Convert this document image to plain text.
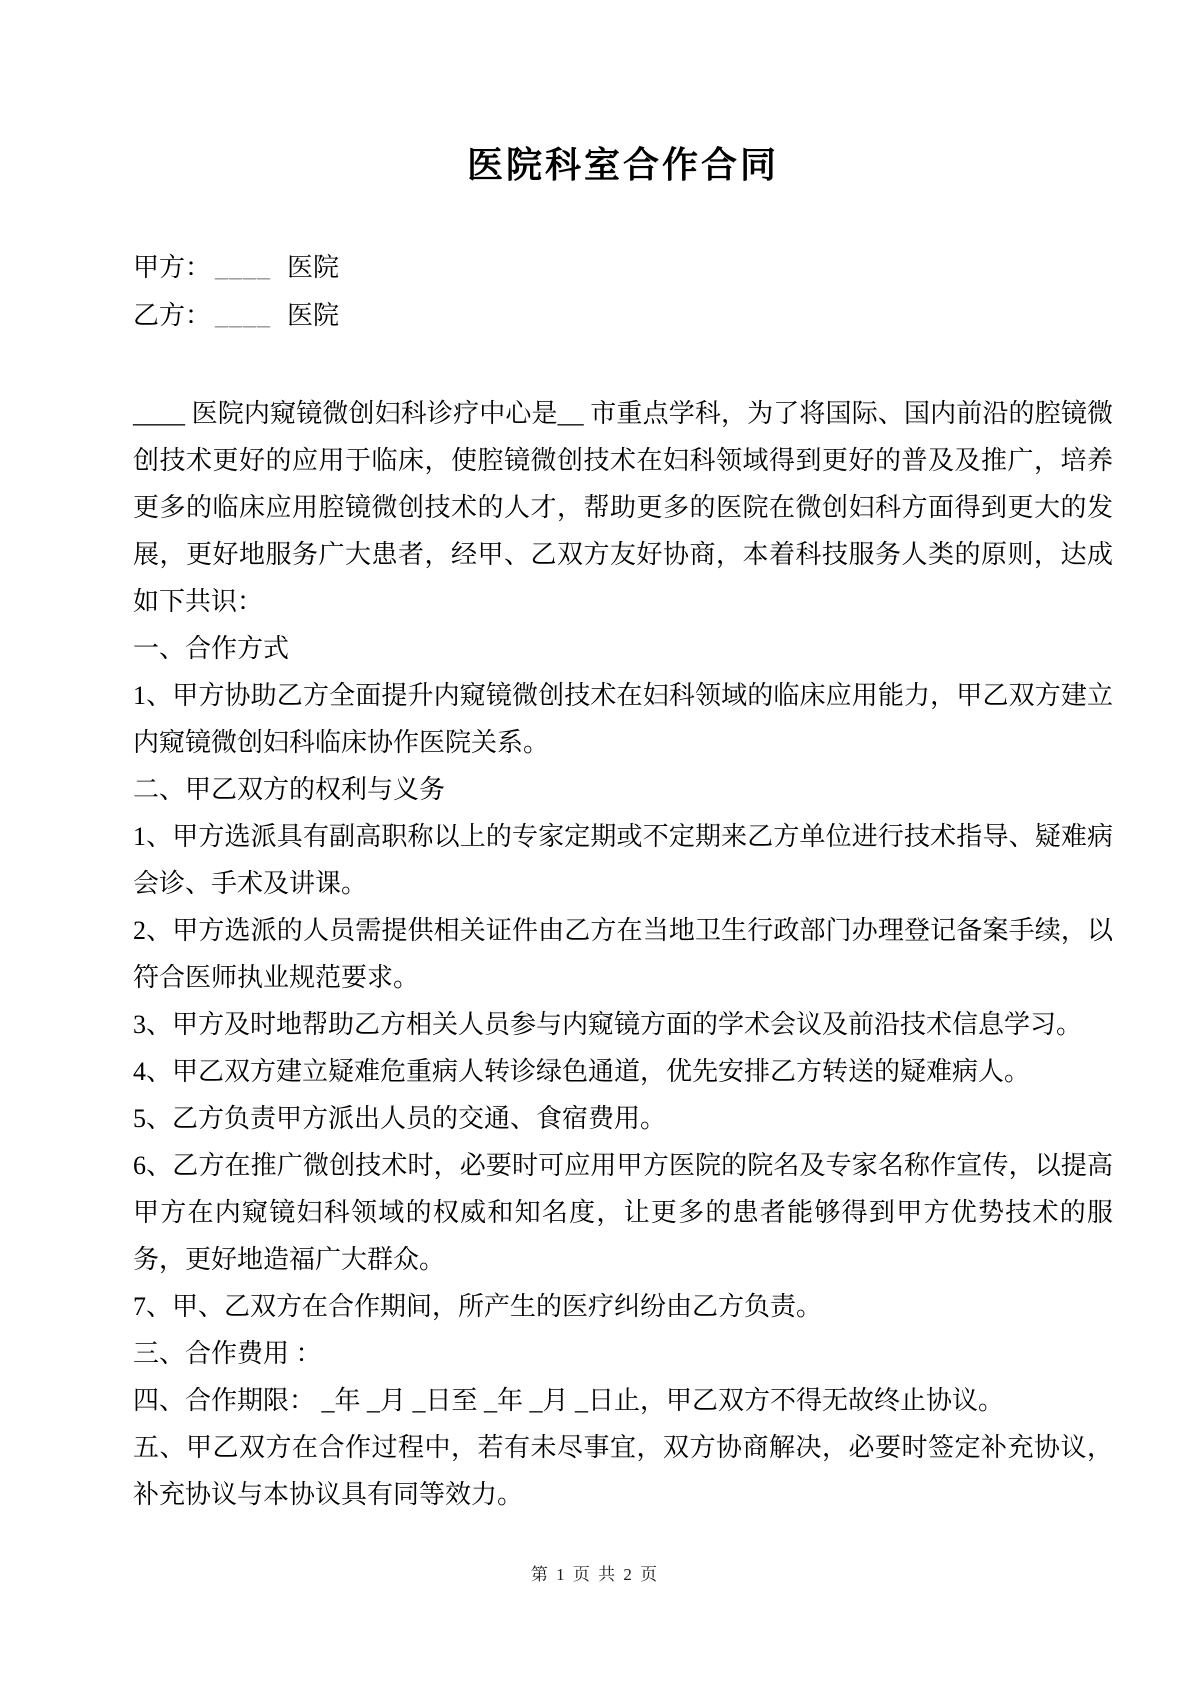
医院科室合作合同
甲方： ____ 医院
乙方： ____ 医院

____ 医院内窥镜微创妇科诊疗中心是__ 市重点学科，为了将国际、国内前沿的腔镜微创技术更好的应用于临床，使腔镜微创技术在妇科领域得到更好的普及及推广，培养更多的临床应用腔镜微创技术的人才，帮助更多的医院在微创妇科方面得到更大的发展，更好地服务广大患者，经甲、乙双方友好协商，本着科技服务人类的原则，达成如下共识：

一、合作方式

1、甲方协助乙方全面提升内窥镜微创技术在妇科领域的临床应用能力，甲乙双方建立内窥镜微创妇科临床协作医院关系。

二、甲乙双方的权利与义务

1、甲方选派具有副高职称以上的专家定期或不定期来乙方单位进行技术指导、疑难病会诊、手术及讲课。

2、甲方选派的人员需提供相关证件由乙方在当地卫生行政部门办理登记备案手续，以符合医师执业规范要求。

3、甲方及时地帮助乙方相关人员参与内窥镜方面的学术会议及前沿技术信息学习。

4、甲乙双方建立疑难危重病人转诊绿色通道，优先安排乙方转送的疑难病人。

5、乙方负责甲方派出人员的交通、食宿费用。

6、乙方在推广微创技术时，必要时可应用甲方医院的院名及专家名称作宣传，以提高甲方在内窥镜妇科领域的权威和知名度，让更多的患者能够得到甲方优势技术的服务，更好地造福广大群众。

7、甲、乙双方在合作期间，所产生的医疗纠纷由乙方负责。

三、合作费用 ：

四、合作期限： _年 _月 _日至 _年 _月 _日止，甲乙双方不得无故终止协议。

五、甲乙双方在合作过程中，若有未尽事宜，双方协商解决，必要时签定补充协议，补充协议与本协议具有同等效力。

第 1 页 共 2 页
